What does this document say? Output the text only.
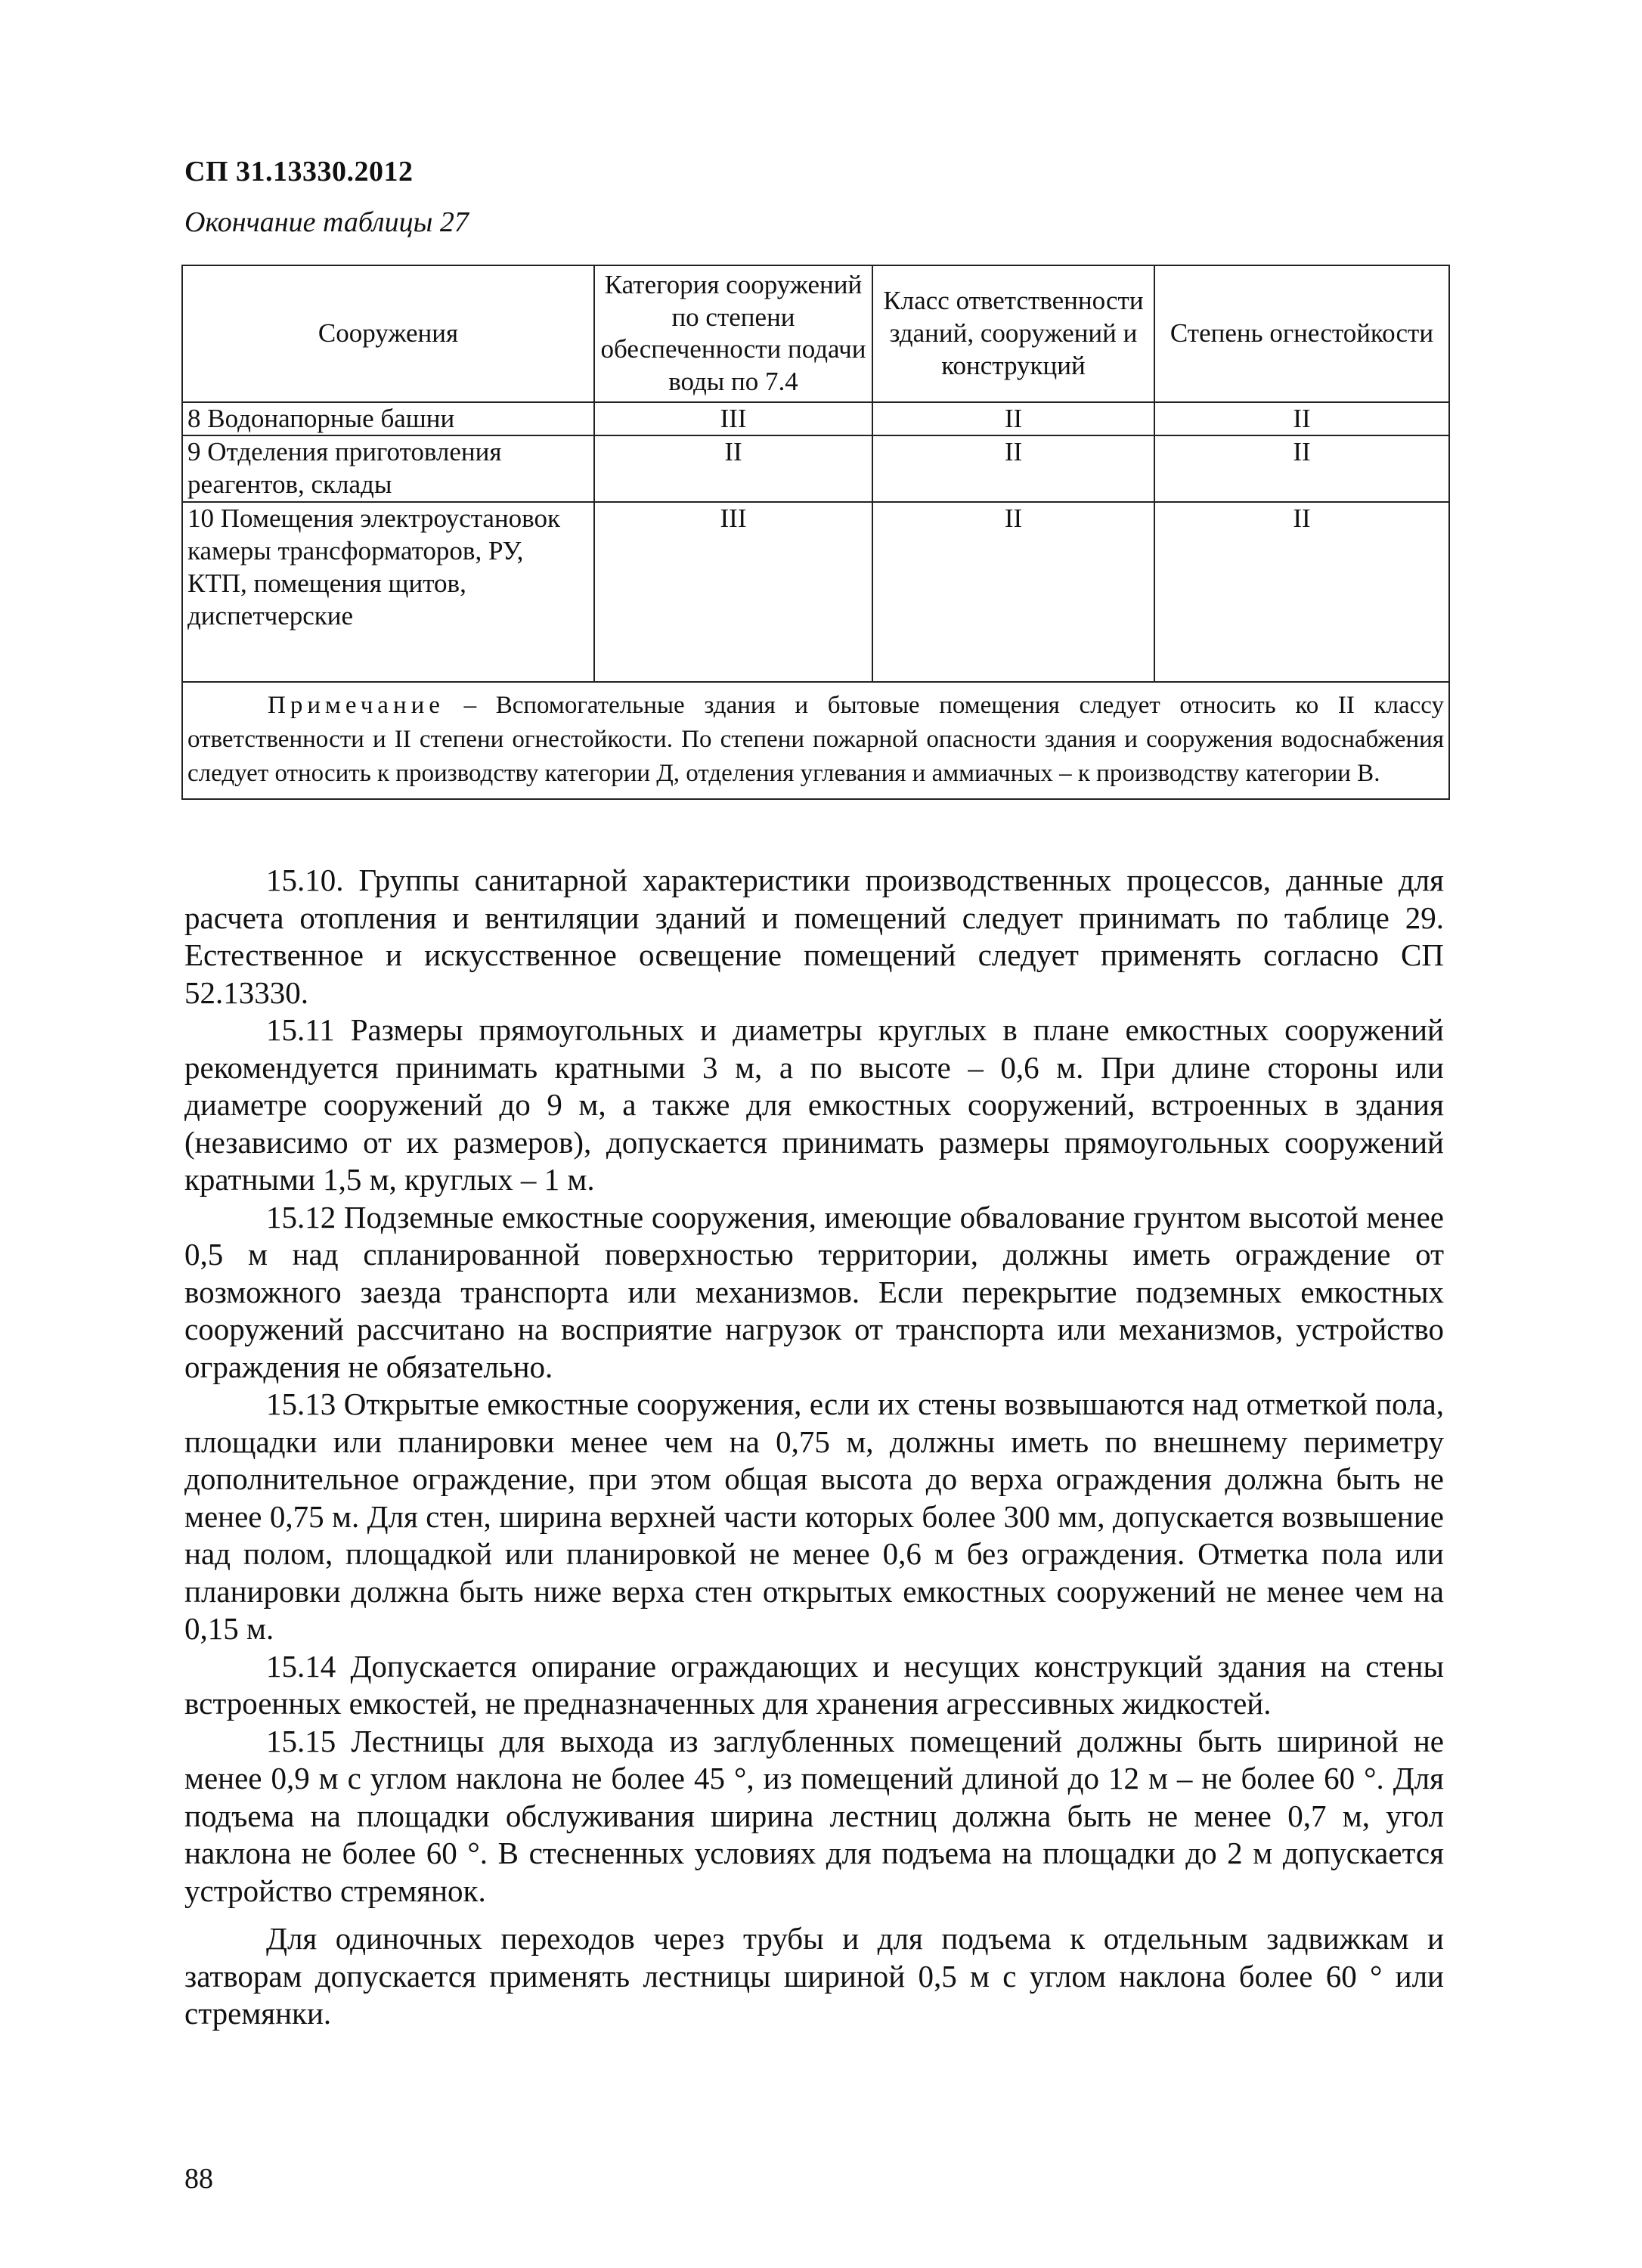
СП 31.13330.2012
Окончание таблицы 27
Сооружения	Категория сооружений по степени обеспеченности подачи воды по 7.4	Класс ответственности зданий, сооружений и конструкций	Степень огнестойкости
8 Водонапорные башни	III	II	II
9 Отделения приготовления реагентов, склады	II	II	II
10 Помещения электроустановок камеры трансформаторов, РУ, КТП, помещения щитов, диспетчерские	III	II	II
Примечание – Вспомогательные здания и бытовые помещения следует относить ко II классу ответственности и II степени огнестойкости. По степени пожарной опасности здания и сооружения водоснабжения следует относить к производству категории Д, отделения углевания и аммиачных – к производству категории В.			

15.10. Группы санитарной характеристики производственных процессов, данные для расчета отопления и вентиляции зданий и помещений следует принимать по таблице 29. Естественное и искусственное освещение помещений следует применять согласно СП 52.13330.

15.11 Размеры прямоугольных и диаметры круглых в плане емкостных сооружений рекомендуется принимать кратными 3 м, а по высоте – 0,6 м. При длине стороны или диаметре сооружений до 9 м, а также для емкостных сооружений, встроенных в здания (независимо от их размеров), допускается принимать размеры прямоугольных сооружений кратными 1,5 м, круглых – 1 м.

15.12 Подземные емкостные сооружения, имеющие обвалование грунтом высотой менее 0,5 м над спланированной поверхностью территории, должны иметь ограждение от возможного заезда транспорта или механизмов. Если перекрытие подземных емкостных сооружений рассчитано на восприятие нагрузок от транспорта или механизмов, устройство ограждения не обязательно.

15.13 Открытые емкостные сооружения, если их стены возвышаются над отметкой пола, площадки или планировки менее чем на 0,75 м, должны иметь по внешнему периметру дополнительное ограждение, при этом общая высота до верха ограждения должна быть не менее 0,75 м. Для стен, ширина верхней части которых более 300 мм, допускается возвышение над полом, площадкой или планировкой не менее 0,6 м без ограждения. Отметка пола или планировки должна быть ниже верха стен открытых емкостных сооружений не менее чем на 0,15 м.

15.14 Допускается опирание ограждающих и несущих конструкций здания на стены встроенных емкостей, не предназначенных для хранения агрессивных жидкостей.

15.15 Лестницы для выхода из заглубленных помещений должны быть шириной не менее 0,9 м с углом наклона не более 45 °, из помещений длиной до 12 м – не более 60 °. Для подъема на площадки обслуживания ширина лестниц должна быть не менее 0,7 м, угол наклона не более 60 °. В стесненных условиях для подъема на площадки до 2 м допускается устройство стремянок.

Для одиночных переходов через трубы и для подъема к отдельным задвижкам и затворам допускается применять лестницы шириной 0,5 м с углом наклона более 60 ° или стремянки.

88
